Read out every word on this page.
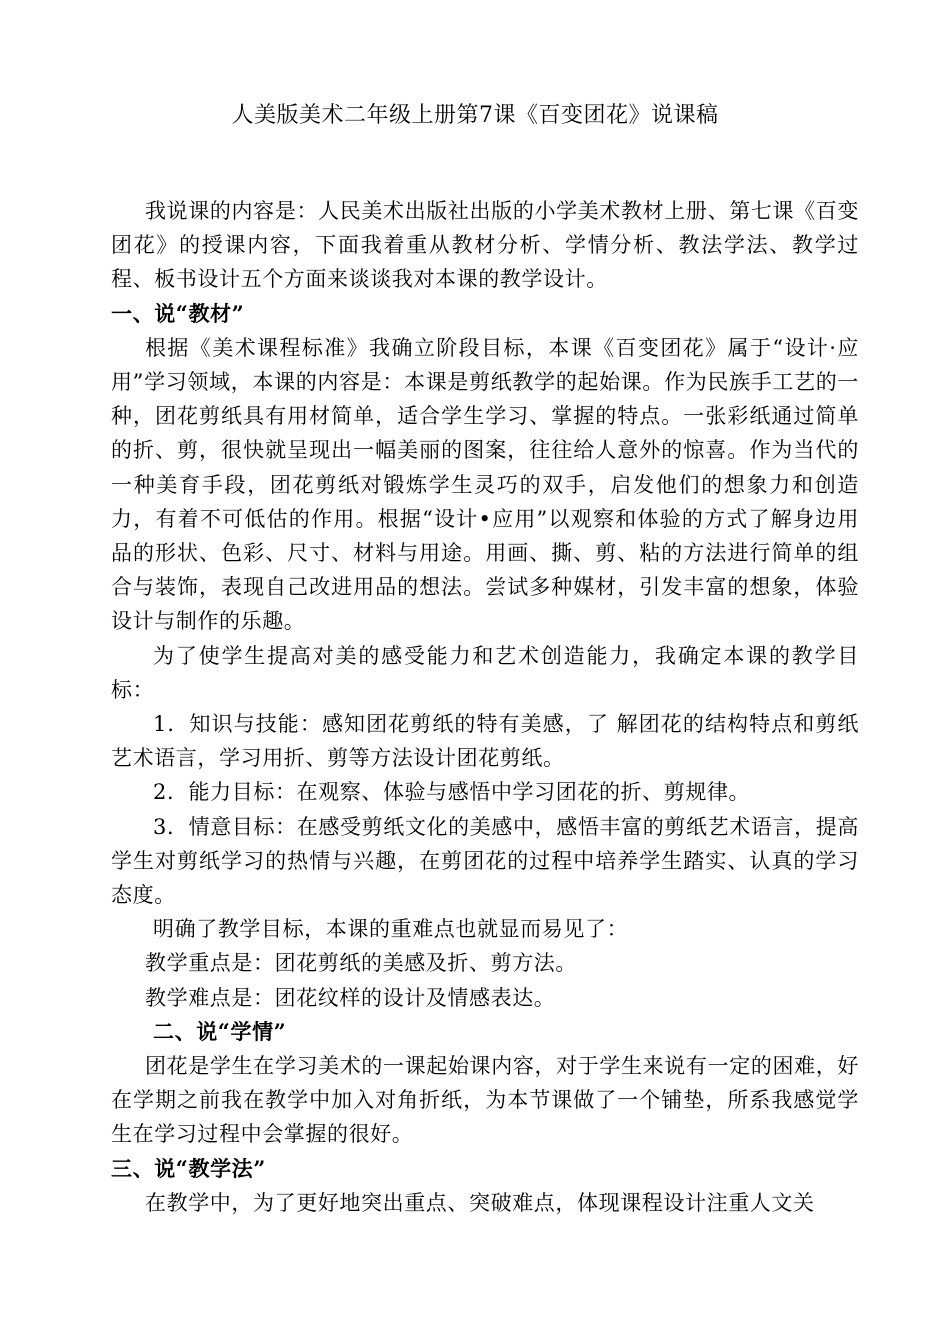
人美版美术二年级上册第7课《百变团花》说课稿

我说课的内容是：人民美术出版社出版的小学美术教材上册、第七课《百变团花》的授课内容，下面我着重从教材分析、学情分析、教法学法、教学过程、板书设计五个方面来谈谈我对本课的教学设计。

一、说“教材”

根据《美术课程标准》我确立阶段目标，本课《百变团花》属于“设计·应用”学习领域，本课的内容是：本课是剪纸教学的起始课。作为民族手工艺的一种，团花剪纸具有用材简单，适合学生学习、掌握的特点。一张彩纸通过简单的折、剪，很快就呈现出一幅美丽的图案，往往给人意外的惊喜。作为当代的一种美育手段，团花剪纸对锻炼学生灵巧的双手，启发他们的想象力和创造力，有着不可低估的作用。根据“设计•应用”以观察和体验的方式了解身边用品的形状、色彩、尺寸、材料与用途。用画、撕、剪、粘的方法进行简单的组合与装饰，表现自己改进用品的想法。尝试多种媒材，引发丰富的想象，体验设计与制作的乐趣。

为了使学生提高对美的感受能力和艺术创造能力，我确定本课的教学目标：

1．知识与技能：感知团花剪纸的特有美感，了 解团花的结构特点和剪纸艺术语言，学习用折、剪等方法设计团花剪纸。

2．能力目标：在观察、体验与感悟中学习团花的折、剪规律。

3．情意目标：在感受剪纸文化的美感中，感悟丰富的剪纸艺术语言，提高学生对剪纸学习的热情与兴趣，在剪团花的过程中培养学生踏实、认真的学习态度。

明确了教学目标，本课的重难点也就显而易见了：

教学重点是：团花剪纸的美感及折、剪方法。

教学难点是：团花纹样的设计及情感表达。

二、说“学情”

团花是学生在学习美术的一课起始课内容，对于学生来说有一定的困难，好在学期之前我在教学中加入对角折纸，为本节课做了一个铺垫，所系我感觉学生在学习过程中会掌握的很好。

三、说“教学法”

在教学中，为了更好地突出重点、突破难点，体现课程设计注重人文关
